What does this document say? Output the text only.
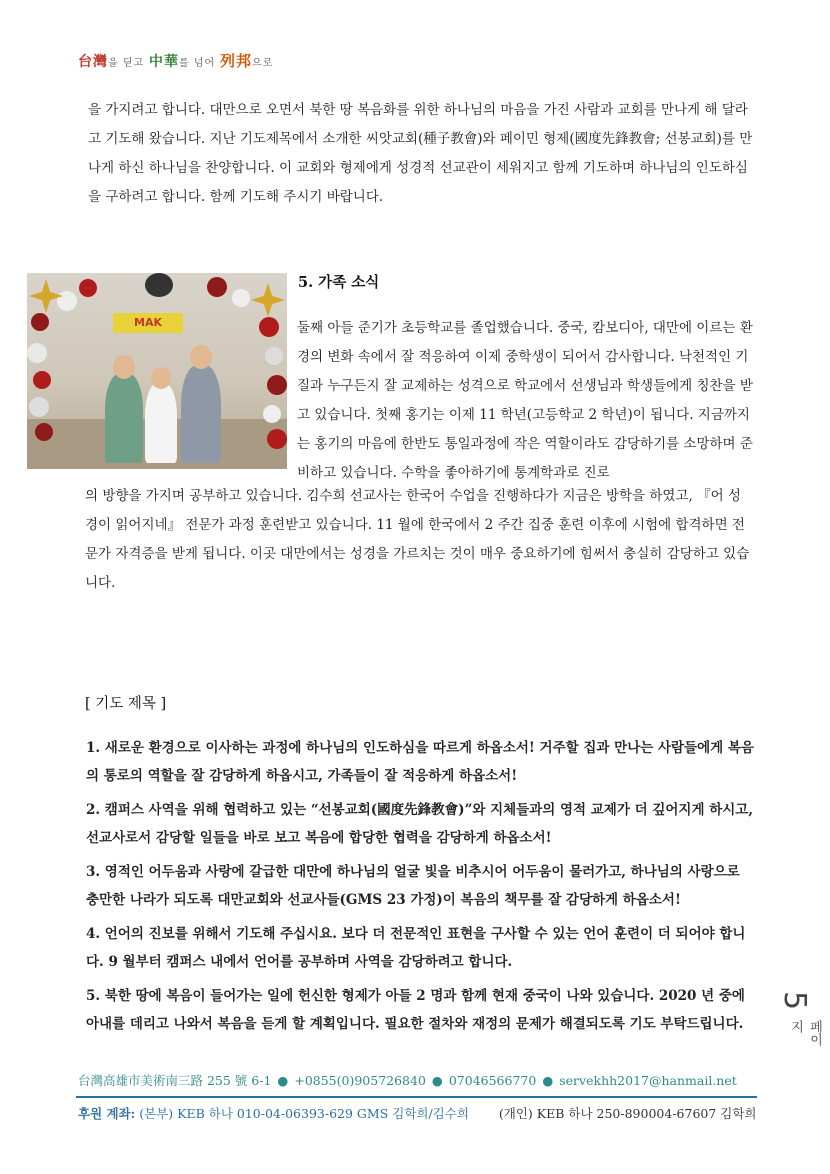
台灣을 딛고 中華를 넘어 列邦으로
을 가지려고 합니다. 대만으로 오면서 북한 땅 복음화를 위한 하나님의 마음을 가진 사람과 교회를 만나게 해 달라고 기도해 왔습니다. 지난 기도제목에서 소개한 씨앗교회(種子教會)와 페이민 형제(國度先鋒教會; 선봉교회)를 만나게 하신 하나님을 찬양합니다. 이 교회와 형제에게 성경적 선교관이 세워지고 함께 기도하며 하나님의 인도하심을 구하려고 합니다. 함께 기도해 주시기 바랍니다.
MAK
5. 가족 소식
둘째 아들 준기가 초등학교를 졸업했습니다. 중국, 캄보디아, 대만에 이르는 환경의 변화 속에서 잘 적응하여 이제 중학생이 되어서 감사합니다. 낙천적인 기질과 누구든지 잘 교제하는 성격으로 학교에서 선생님과 학생들에게 칭찬을 받고 있습니다. 첫째 홍기는 이제 11 학년(고등학교 2 학년)이 됩니다. 지금까지는 홍기의 마음에 한반도 통일과정에 작은 역할이라도 감당하기를 소망하며 준비하고 있습니다. 수학을 좋아하기에 통계학과로 진로
의 방향을 가지며 공부하고 있습니다. 김수희 선교사는 한국어 수업을 진행하다가 지금은 방학을 하였고, 『어 성경이 읽어지네』 전문가 과정 훈련받고 있습니다. 11 월에 한국에서 2 주간 집중 훈련 이후에 시험에 합격하면 전문가 자격증을 받게 됩니다. 이곳 대만에서는 성경을 가르치는 것이 매우 중요하기에 힘써서 충실히 감당하고 있습니다.
[ 기도 제목 ]
1. 새로운 환경으로 이사하는 과정에 하나님의 인도하심을 따르게 하옵소서! 거주할 집과 만나는 사람들에게 복음의 통로의 역할을 잘 감당하게 하옵시고, 가족들이 잘 적응하게 하옵소서!
2. 캠퍼스 사역을 위해 협력하고 있는 “선봉교회(國度先鋒教會)”와 지체들과의 영적 교제가 더 깊어지게 하시고, 선교사로서 감당할 일들을 바로 보고 복음에 합당한 협력을 감당하게 하옵소서!
3. 영적인 어두움과 사랑에 갈급한 대만에 하나님의 얼굴 빛을 비추시어 어두움이 물러가고, 하나님의 사랑으로 충만한 나라가 되도록 대만교회와 선교사들(GMS 23 가정)이 복음의 책무를 잘 감당하게 하옵소서!
4. 언어의 진보를 위해서 기도해 주십시요. 보다 더 전문적인 표현을 구사할 수 있는 언어 훈련이 더 되어야 합니다. 9 월부터 캠퍼스 내에서 언어를 공부하며 사역을 감당하려고 합니다.
5. 북한 땅에 복음이 들어가는 일에 헌신한 형제가 아들 2 명과 함께 현재 중국이 나와 있습니다. 2020 년 중에 아내를 데리고 나와서 복음을 듣게 할 계획입니다. 필요한 절차와 재정의 문제가 해결되도록 기도 부탁드립니다.
5
페이지
台灣高雄市美術南三路 255 號 6-1 ● +0855(0)905726840 ● 07046566770 ● servekhh2017@hanmail.net
후원 계좌: (본부) KEB 하나 010-04-06393-629 GMS 김학희/김수희 (개인) KEB 하나 250-890004-67607 김학희
